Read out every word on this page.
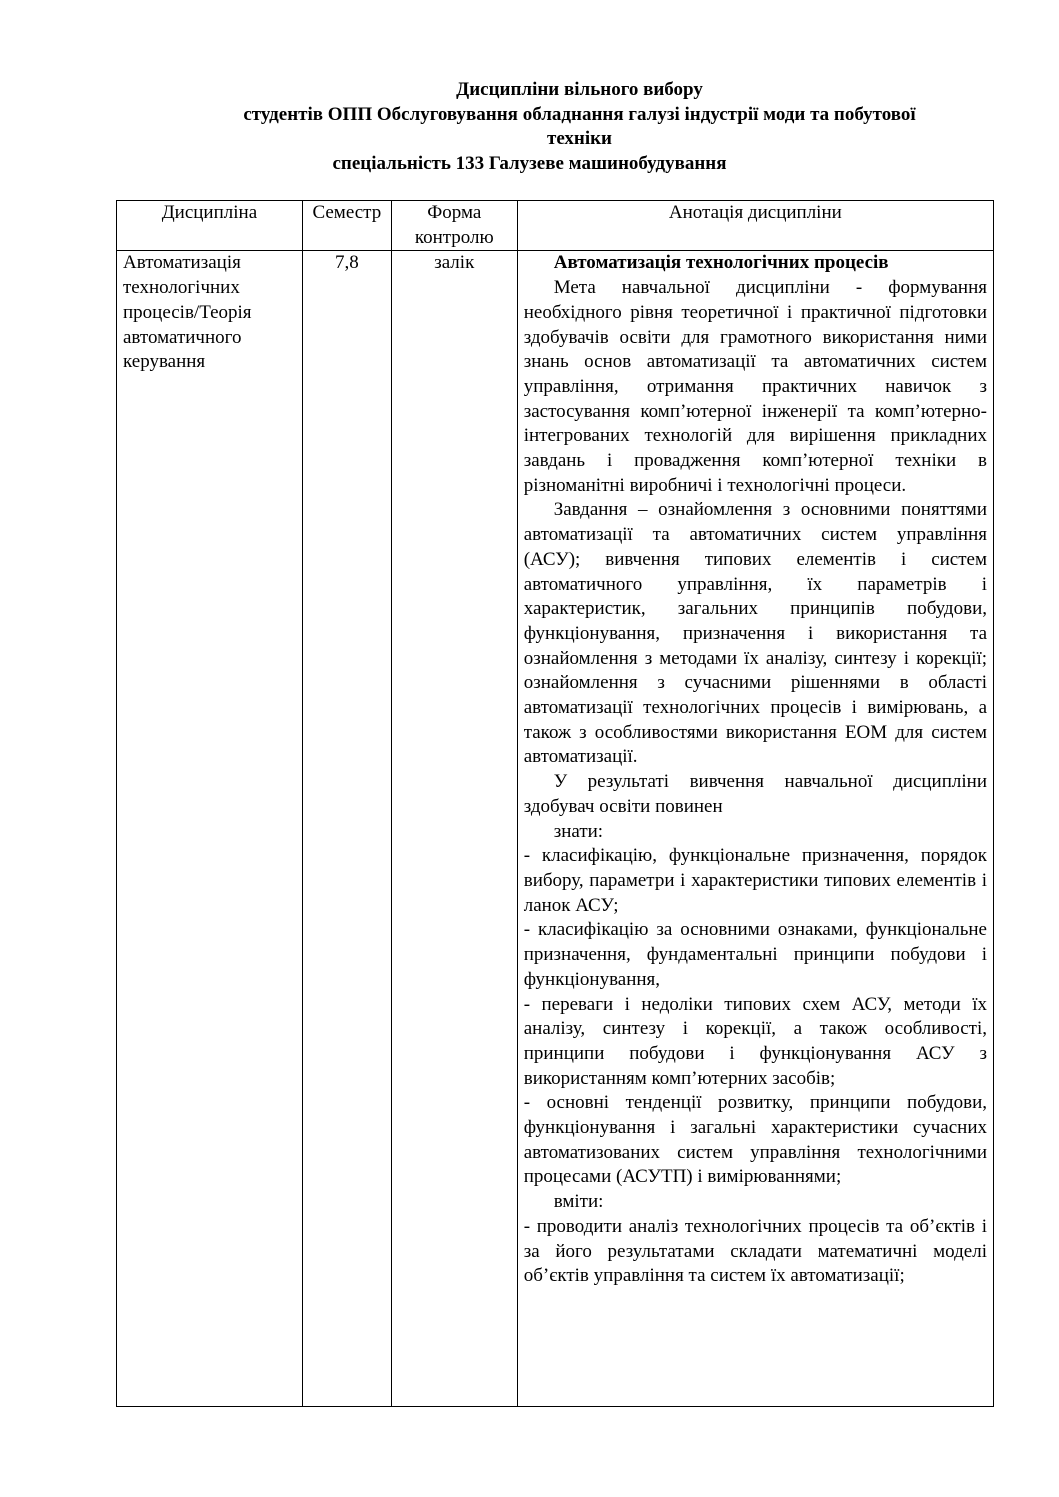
Дисципліни вільного вибору
студентів ОПП Обслуговування обладнання галузі індустрії моди та побутової
техніки
спеціальність 133 Галузеве машинобудування
Дисципліна	Семестр	Форма контролю	Анотація дисципліни
Автоматизація технологічних процесів/Теорія автоматичного керування	7,8	залік	Автоматизація технологічних процесів

Мета навчальної дисципліни - формування необхідного рівня теоретичної і практичної підготовки здобувачів освіти для грамотного використання ними знань основ автоматизації та автоматичних систем управління, отримання практичних навичок з застосування комп’ютерної інженерії та комп’ютерно-інтегрованих технологій для вирішення прикладних завдань і провадження комп’ютерної техніки в різноманітні виробничі і технологічні процеси.

Завдання – ознайомлення з основними поняттями автоматизації та автоматичних систем управління (АСУ); вивчення типових елементів і систем автоматичного управління, їх параметрів і характеристик, загальних принципів побудови, функціонування, призначення і використання та ознайомлення з методами їх аналізу, синтезу і корекції; ознайомлення з сучасними рішеннями в області автоматизації технологічних процесів і вимірювань, а також з особливостями використання ЕОМ для систем автоматизації.

У результаті вивчення навчальної дисципліни здобувач освіти повинен

знати:

- класифікацію, функціональне призначення, порядок вибору, параметри і характеристики типових елементів і ланок АСУ;

- класифікацію за основними ознаками, функціональне призначення, фундаментальні принципи побудови і функціонування,

- переваги і недоліки типових схем АСУ, методи їх аналізу, синтезу і корекції, а також особливості, принципи побудови і функціонування АСУ з використанням комп’ютерних засобів;

- основні тенденції розвитку, принципи побудови, функціонування і загальні характеристики сучасних автоматизованих систем управління технологічними процесами (АСУТП) і вимірюваннями;

вміти:

- проводити аналіз технологічних процесів та об’єктів і за його результатами складати математичні моделі об’єктів управління та систем їх автоматизації;
